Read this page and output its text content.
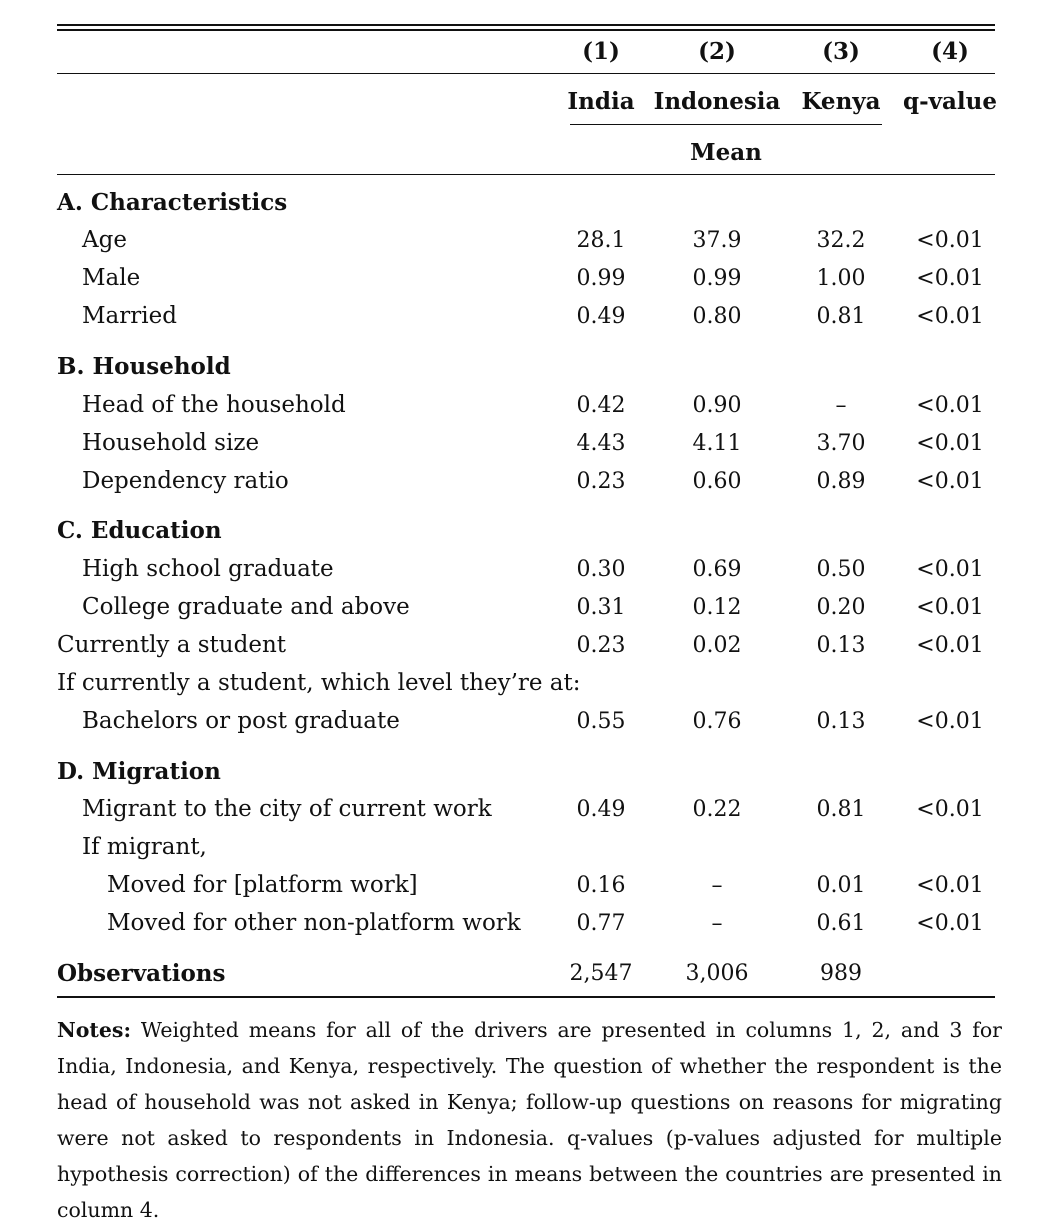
(1)	(2)	(3)	(4)
India Indonesia Kenya q-value
Mean
A. Characteristics
Age	28.1	37.9	32.2 <0.01
Male	0.99	0.99	1.00 <0.01
Married	0.49	0.80	0.81 <0.01
B. Household
Head of the household	0.42	0.90	–	<0.01
Household size	4.43	4.11	3.70 <0.01
Dependency ratio	0.23	0.60	0.89 <0.01
C. Education
High school graduate	0.30	0.69	0.50 <0.01
College graduate and above	0.31	0.12	0.20 <0.01
Currently a student	0.23	0.02	0.13 <0.01
If currently a student, which level they’re at:
Bachelors or post graduate	0.55	0.76	0.13 <0.01
D. Migration
Migrant to the city of current work	0.49	0.22	0.81 <0.01
If migrant,
Moved for [platform work]	0.16	–	0.01 <0.01
Moved for other non-platform work	0.77	–	0.61 <0.01
Observations	2,547 3,006	989
Notes: Weighted means for all of the drivers are presented in columns 1, 2, and 3 for India, Indonesia, and Kenya, respectively. The question of whether the respondent is the head of household was not asked in Kenya; follow-up questions on reasons for migrating were not asked to respondents in Indonesia. q-values (p-values adjusted for multiple hypothesis correction) of the differences in means between the countries are presented in column 4.
